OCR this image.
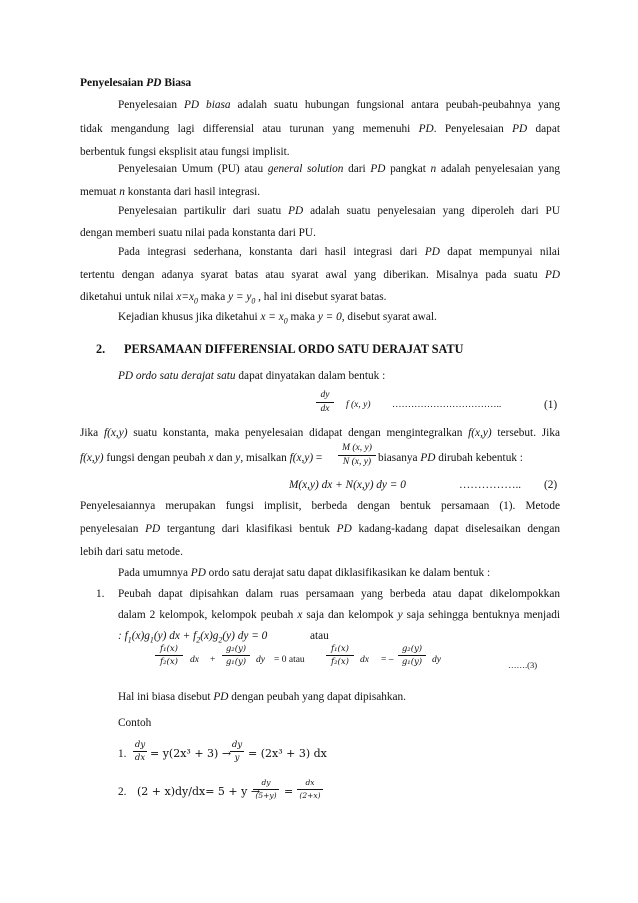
Penyelesaian PD Biasa
Penyelesaian PD biasa adalah suatu hubungan fungsional antara peubah-peubahnya yang
tidak mengandung lagi differensial atau turunan yang memenuhi PD. Penyelesaian PD dapat
berbentuk fungsi eksplisit atau fungsi implisit.
Penyelesaian Umum (PU) atau general solution dari PD pangkat n adalah penyelesaian yang
memuat n konstanta dari hasil integrasi.
Penyelesaian partikulir dari suatu PD adalah suatu penyelesaian yang diperoleh dari PU
dengan memberi suatu nilai pada konstanta dari PU.
Pada integrasi sederhana, konstanta dari hasil integrasi dari PD dapat mempunyai nilai
tertentu dengan adanya syarat batas atau syarat awal yang diberikan. Misalnya pada suatu PD
diketahui untuk nilai $x=x_0$ maka $y = y_0$ , hal ini disebut syarat batas.
Kejadian khusus jika diketahui $x = x_0$ maka y = 0, disebut syarat awal.
2. PERSAMAAN DIFFERENSIAL ORDO SATU DERAJAT SATU
PD ordo satu derajat satu dapat dinyatakan dalam bentuk :
$\frac{dy}{dx}$ f (x, y) ……………………………..	(1)
Jika f(x,y) suatu konstanta, maka penyelesaian didapat dengan mengintegralkan f(x,y) tersebut. Jika
f(x,y) fungsi dengan peubah x dan y, misalkan $f(x,y) = \frac{M (x, y)}{N (x, y)}$ biasanya PD dirubah kebentuk :
M(x,y) dx + N(x,y) dy = 0	…………….. (2)
Penyelesaiannya merupakan fungsi implisit, berbeda dengan bentuk persamaan (1). Metode
penyelesaian PD tergantung dari klasifikasi bentuk PD kadang-kadang dapat diselesaikan dengan
lebih dari satu metode.
Pada umumnya PD ordo satu derajat satu dapat diklasifikasikan ke dalam bentuk :
1. Peubah dapat dipisahkan dalam ruas persamaan yang berbeda atau dapat dikelompokkan
dalam 2 kelompok, kelompok peubah x saja dan kelompok y saja sehingga bentuknya menjadi
: $f_1(x)g_1(y)$ dx + $f_2(x)g_2(y)$ dy = 0	atau
$\frac{\text{f₁(x)}}{\text{f₂(x)}}$ dx + $\frac{\text{g₂(y)}}{\text{g₁(y)}}$ dy = 0 atau	$\frac{\text{f₁(x)}}{\text{f₂(x)}}$ dx = – $\frac{\text{g₂(y)}}{\text{g₁(y)}}$ dy	…….(3)
Hal ini biasa disebut PD dengan peubah yang dapat dipisahkan.
Contoh
1. $\frac{dy}{dx} = y(2x^3 + 3)$ →
$\frac{dy}{y} = (2x^3 + 3)$ dx
2. (2 + x)dy/dx= 5 + y →
$\frac{dy}{(5+y)} = \frac{dx}{(2+x)}$
